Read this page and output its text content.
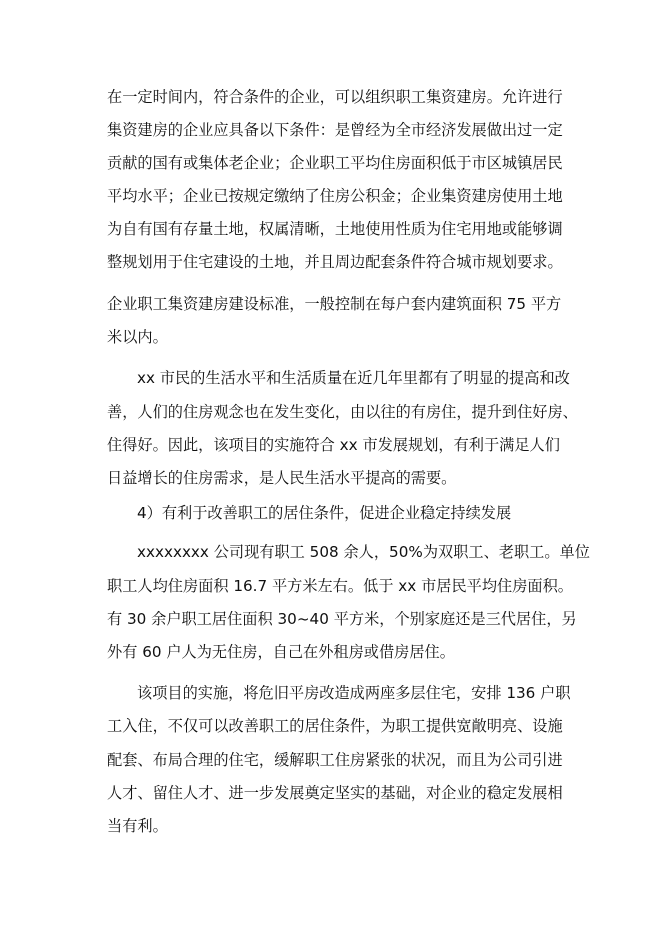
在一定时间内，符合条件的企业，可以组织职工集资建房。允许进行
集资建房的企业应具备以下条件：是曾经为全市经济发展做出过一定
贡献的国有或集体老企业；企业职工平均住房面积低于市区城镇居民
平均水平；企业已按规定缴纳了住房公积金；企业集资建房使用土地
为自有国有存量土地，权属清晰，土地使用性质为住宅用地或能够调
整规划用于住宅建设的土地，并且周边配套条件符合城市规划要求。
企业职工集资建房建设标准，一般控制在每户套内建筑面积 75 平方
米以内。
xx 市民的生活水平和生活质量在近几年里都有了明显的提高和改
善，人们的住房观念也在发生变化，由以往的有房住，提升到住好房、
住得好。因此，该项目的实施符合 xx 市发展规划，有利于满足人们
日益增长的住房需求，是人民生活水平提高的需要。
4）有利于改善职工的居住条件，促进企业稳定持续发展
xxxxxxxx 公司现有职工 508 余人，50%为双职工、老职工。单位
职工人均住房面积 16.7 平方米左右。低于 xx 市居民平均住房面积。
有 30 余户职工居住面积 30~40 平方米，个别家庭还是三代居住，另
外有 60 户人为无住房，自己在外租房或借房居住。
该项目的实施，将危旧平房改造成两座多层住宅，安排 136 户职
工入住，不仅可以改善职工的居住条件，为职工提供宽敞明亮、设施
配套、布局合理的住宅，缓解职工住房紧张的状况，而且为公司引进
人才、留住人才、进一步发展奠定坚实的基础，对企业的稳定发展相
当有利。
